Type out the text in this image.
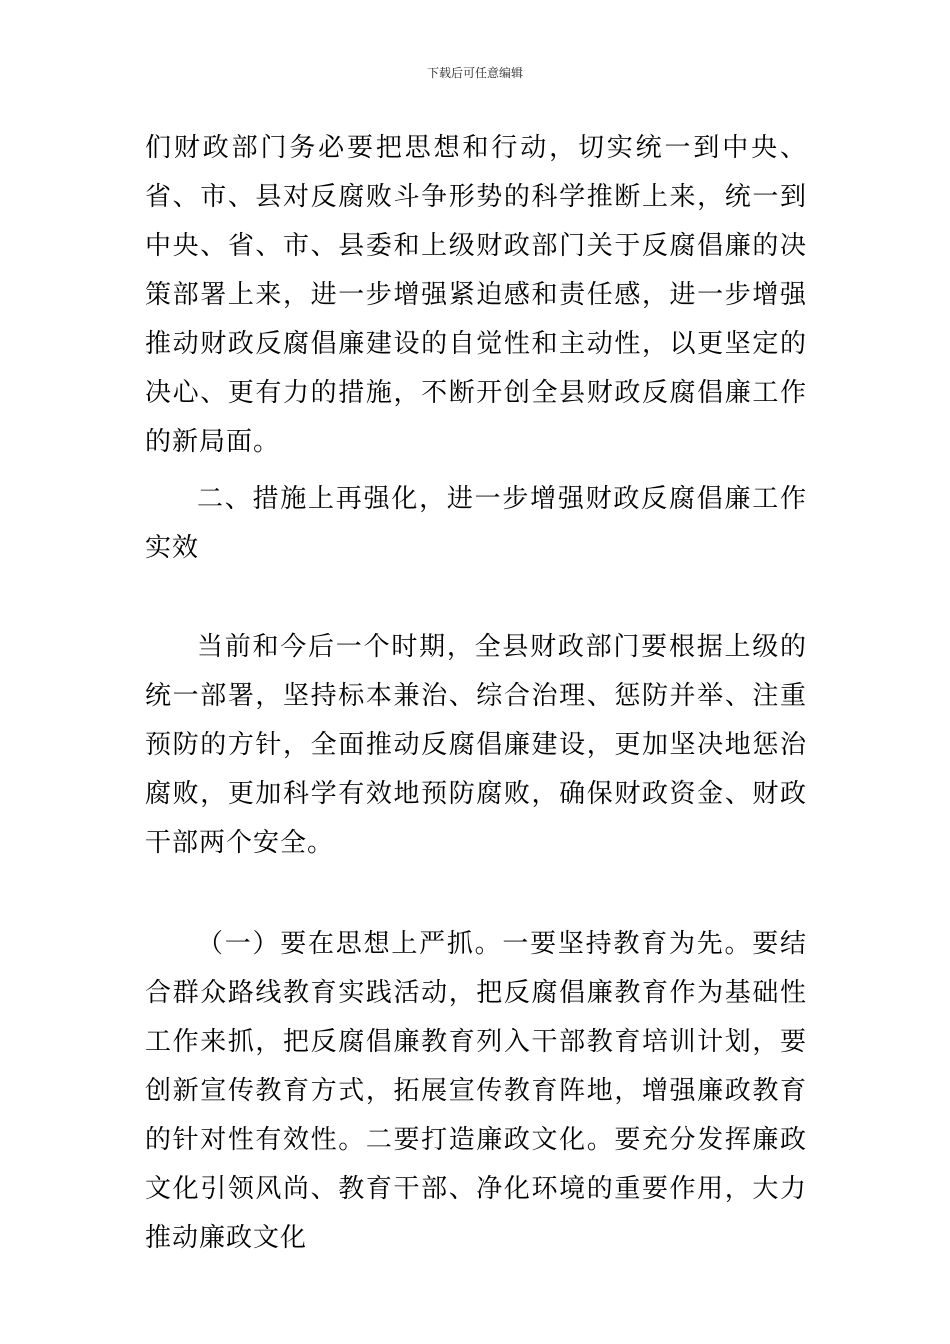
下载后可任意编辑

们财政部门务必要把思想和行动，切实统一到中央、省、市、县对反腐败斗争形势的科学推断上来，统一到中央、省、市、县委和上级财政部门关于反腐倡廉的决策部署上来，进一步增强紧迫感和责任感，进一步增强推动财政反腐倡廉建设的自觉性和主动性，以更坚定的决心、更有力的措施，不断开创全县财政反腐倡廉工作的新局面。

二、措施上再强化，进一步增强财政反腐倡廉工作实效

当前和今后一个时期，全县财政部门要根据上级的统一部署，坚持标本兼治、综合治理、惩防并举、注重预防的方针，全面推动反腐倡廉建设，更加坚决地惩治腐败，更加科学有效地预防腐败，确保财政资金、财政干部两个安全。

（一）要在思想上严抓。一要坚持教育为先。要结合群众路线教育实践活动，把反腐倡廉教育作为基础性工作来抓，把反腐倡廉教育列入干部教育培训计划，要创新宣传教育方式，拓展宣传教育阵地，增强廉政教育的针对性有效性。二要打造廉政文化。要充分发挥廉政文化引领风尚、教育干部、净化环境的重要作用，大力推动廉政文化
